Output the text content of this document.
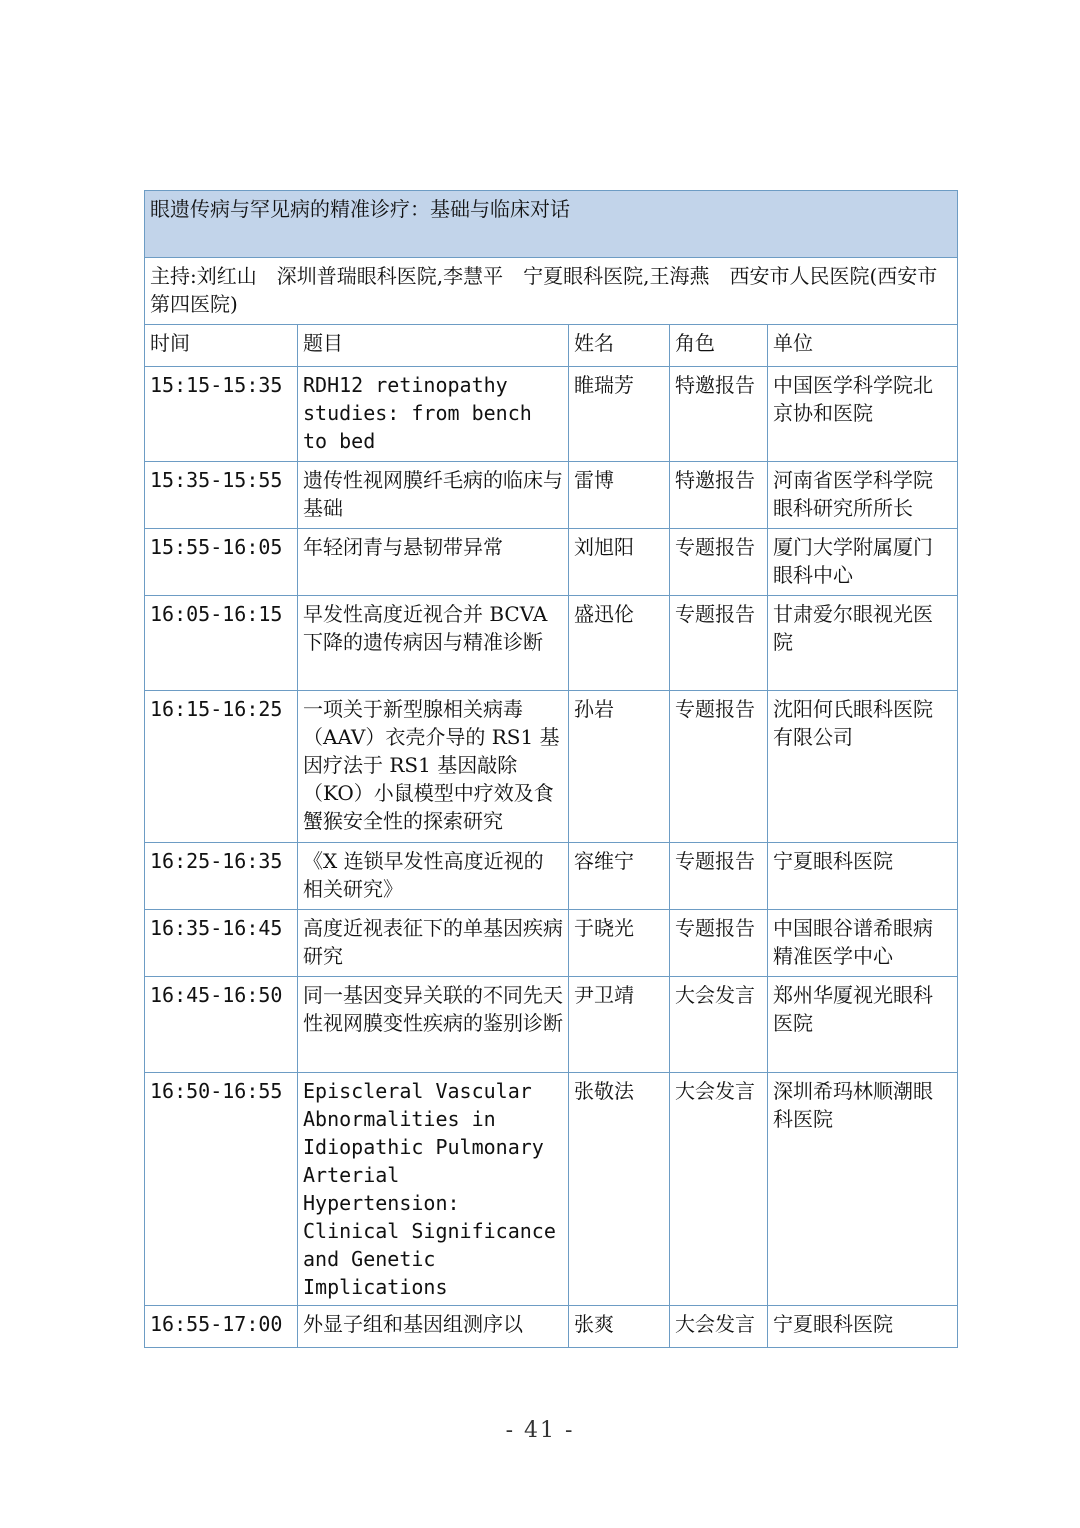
眼遗传病与罕见病的精准诊疗：基础与临床对话				
主持:刘红山　深圳普瑞眼科医院,李慧平　宁夏眼科医院,王海燕　西安市人民医院(西安市第四医院)				
时间	题目	姓名	角色	单位
15:15-15:35	RDH12 retinopathy studies: from bench to bed	睢瑞芳	特邀报告	中国医学科学院北京协和医院
15:35-15:55	遗传性视网膜纤毛病的临床与基础	雷博	特邀报告	河南省医学科学院眼科研究所所长
15:55-16:05	年轻闭青与悬韧带异常	刘旭阳	专题报告	厦门大学附属厦门眼科中心
16:05-16:15	早发性高度近视合并 BCVA 下降的遗传病因与精准诊断	盛迅伦	专题报告	甘肃爱尔眼视光医院
16:15-16:25	一项关于新型腺相关病毒（AAV）衣壳介导的 RS1 基因疗法于 RS1 基因敲除（KO）小鼠模型中疗效及食蟹猴安全性的探索研究	孙岩	专题报告	沈阳何氏眼科医院有限公司
16:25-16:35	《X 连锁早发性高度近视的相关研究》	容维宁	专题报告	宁夏眼科医院
16:35-16:45	高度近视表征下的单基因疾病研究	于晓光	专题报告	中国眼谷谱希眼病精准医学中心
16:45-16:50	同一基因变异关联的不同先天性视网膜变性疾病的鉴别诊断	尹卫靖	大会发言	郑州华厦视光眼科医院
16:50-16:55	Episcleral Vascular Abnormalities in Idiopathic Pulmonary Arterial Hypertension: Clinical Significance and Genetic Implications	张敬法	大会发言	深圳希玛林顺潮眼科医院
16:55-17:00	外显子组和基因组测序以	张爽	大会发言	宁夏眼科医院
- 41 -
